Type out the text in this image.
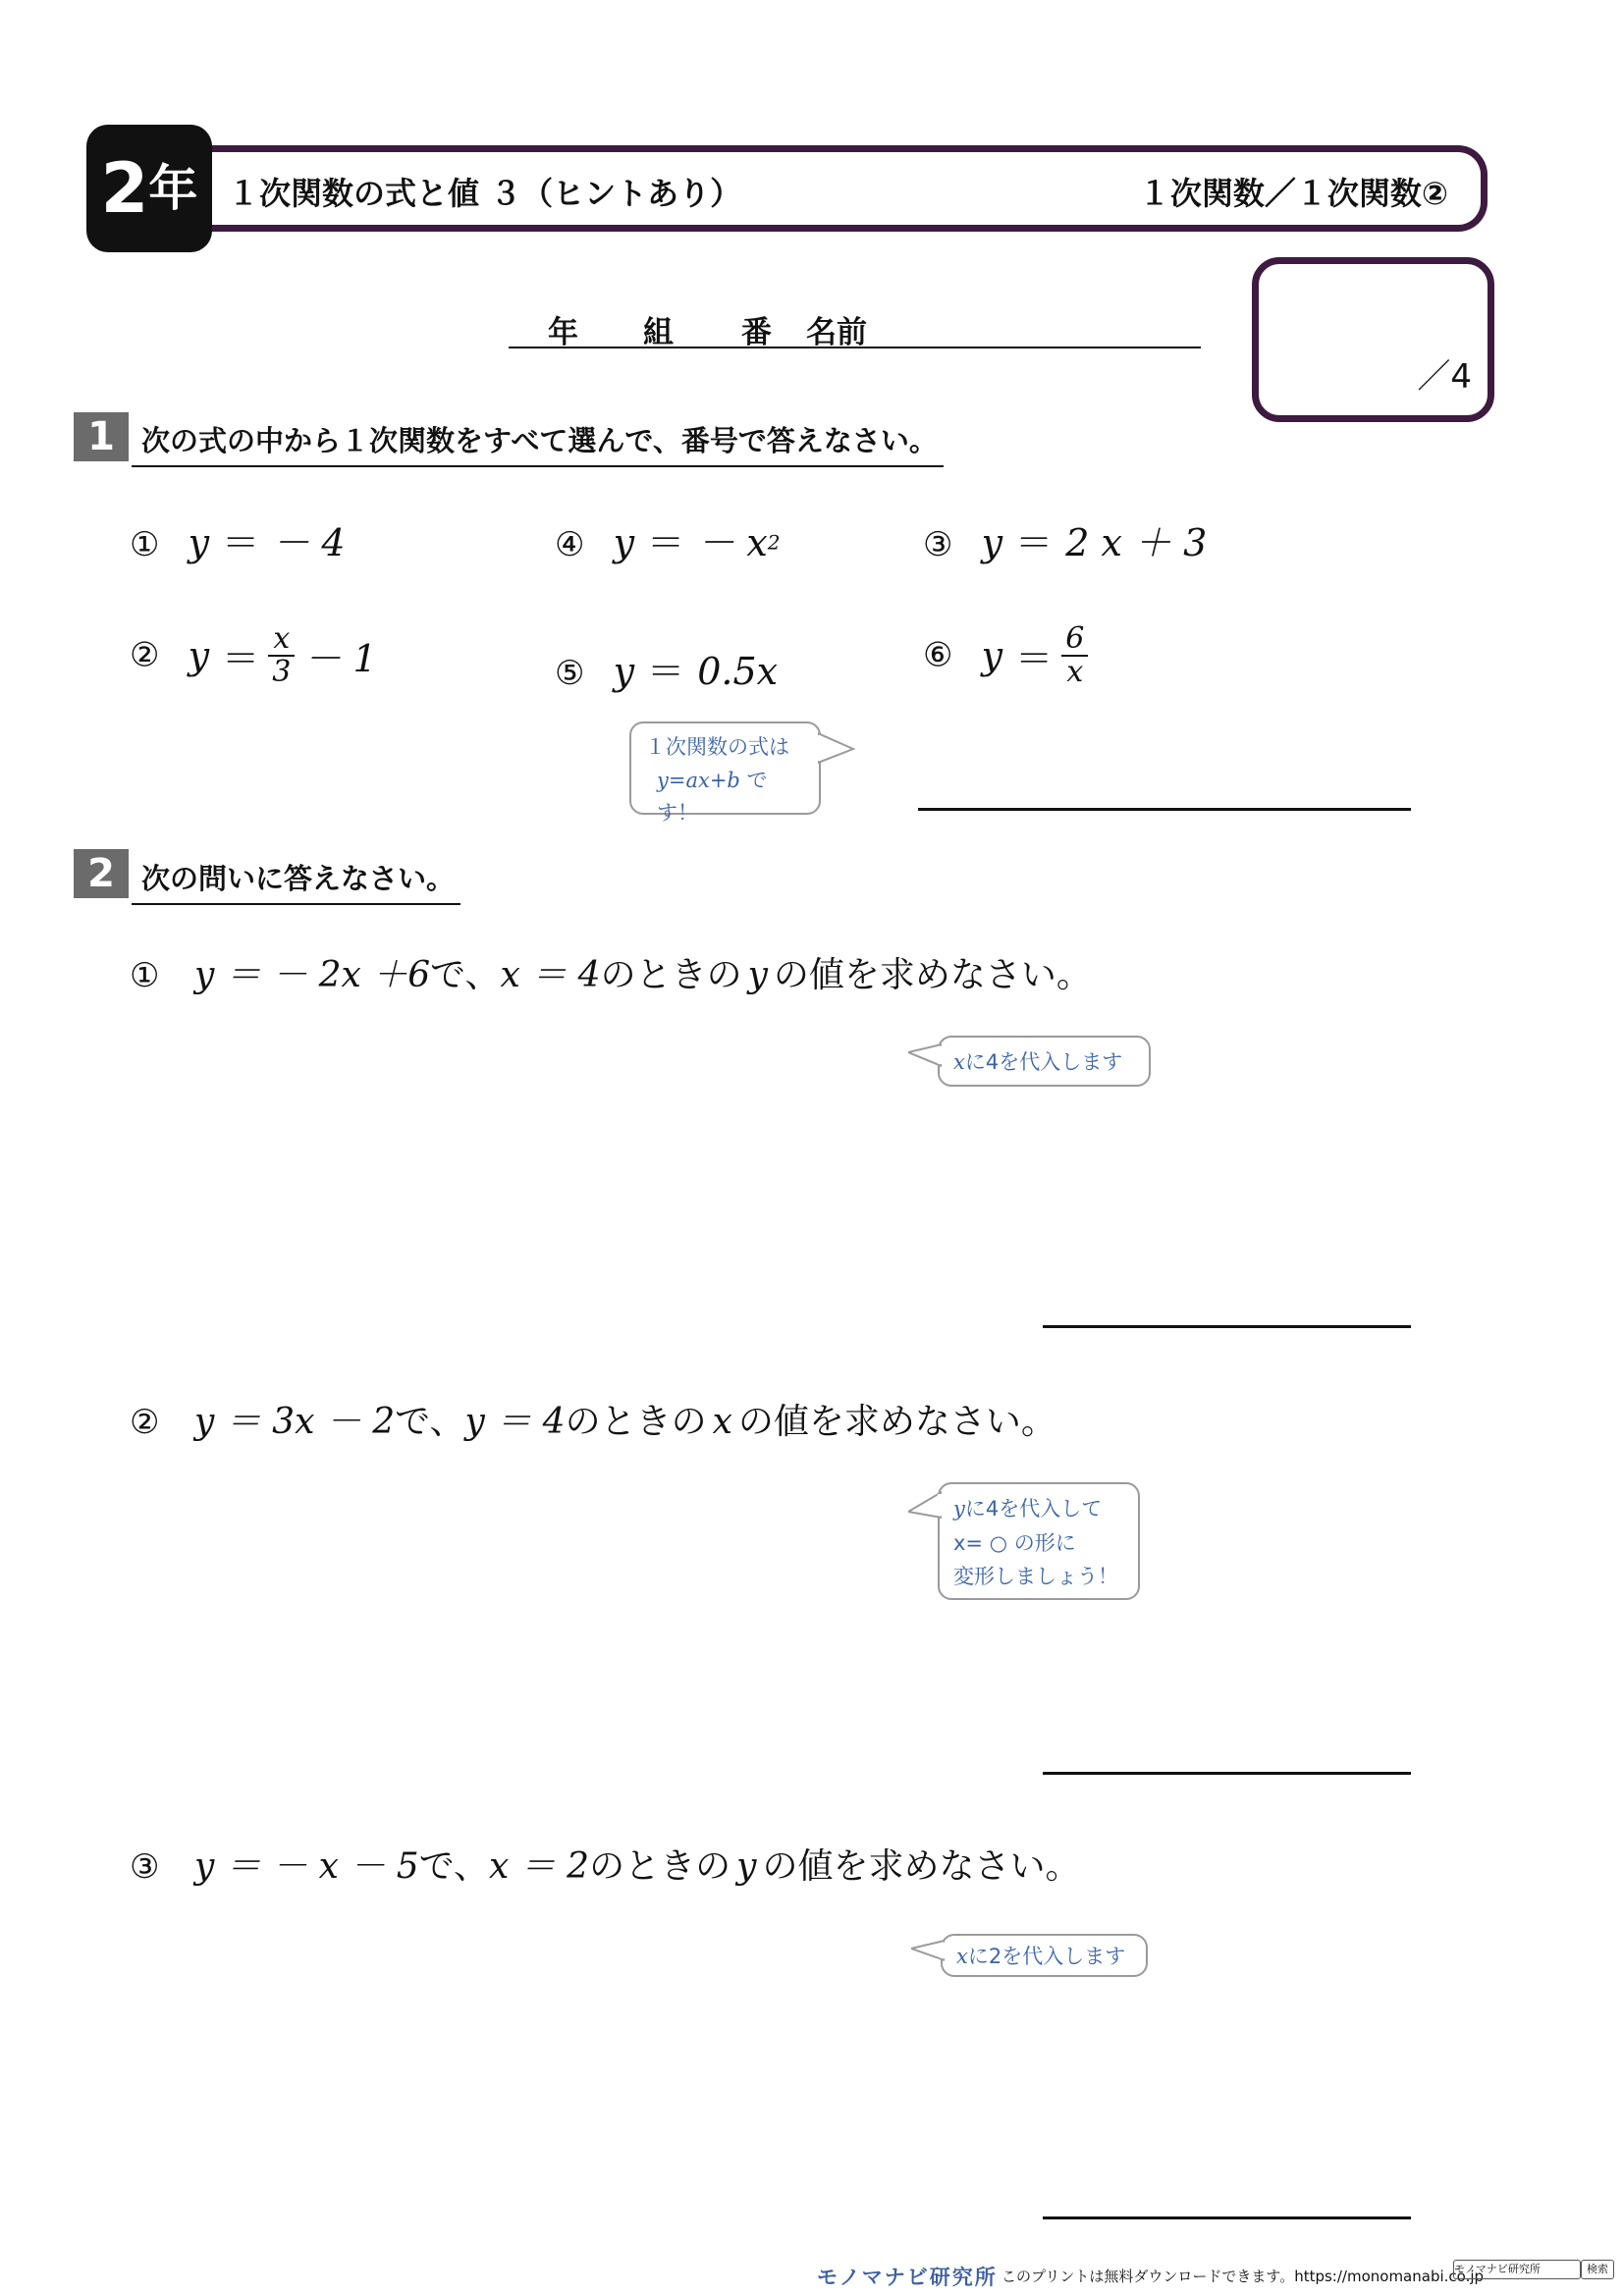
2 年 １次関数の式と値 ３（ヒントあり）	１次関数／１次関数②
年 組 番 名前
／4
1 次の式の中から１次関数をすべて選んで、番号で答えなさい。
① y ＝ － 4	④ y ＝ － $x^2$	③ y ＝ 2 x ＋ 3
② $y = \frac{x}{3} - 1$	⑤ y ＝ 0.5x	⑥ $y = \frac{6}{x}$
１次関数の式は
y=ax+b です！
2 次の問いに答えなさい。
① y ＝ － 2x ＋6で、x ＝ 4のときの y の値を求めなさい。
xに4を代入します
② y ＝ 3x － 2で、y ＝ 4のときの x の値を求めなさい。
yに4を代入して
x= ○ の形に
変形しましょう！
③ y ＝ － x － 5で、x ＝ 2のときの y の値を求めなさい。
xに2を代入します
モノマナビ研究所 このプリントは無料ダウンロードできます。https://monomanabi.co.jp
モノマナビ研究所	検索
